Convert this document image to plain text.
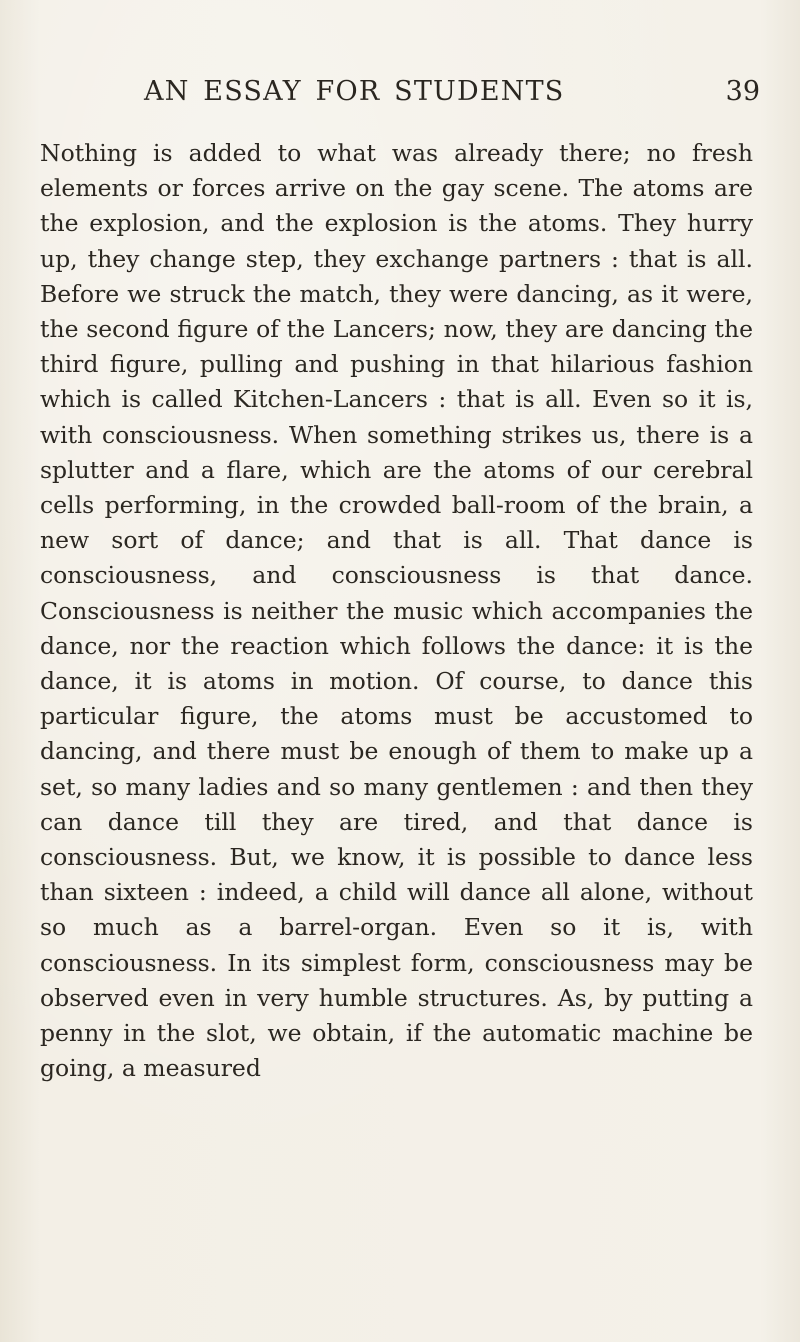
AN ESSAY FOR STUDENTS	39

Nothing is added to what was already there; no fresh elements or forces arrive on the gay scene. The atoms are the explosion, and the explosion is the atoms. They hurry up, they change step, they exchange partners : that is all. Before we struck the match, they were dancing, as it were, the second figure of the Lancers; now, they are dancing the third figure, pulling and pushing in that hilarious fashion which is called Kitchen-Lancers : that is all. Even so it is, with consciousness. When something strikes us, there is a splutter and a flare, which are the atoms of our cerebral cells performing, in the crowded ball-room of the brain, a new sort of dance; and that is all. That dance is consciousness, and consciousness is that dance. Consciousness is neither the music which accompanies the dance, nor the reaction which follows the dance: it is the dance, it is atoms in motion. Of course, to dance this particular figure, the atoms must be accustomed to dancing, and there must be enough of them to make up a set, so many ladies and so many gentlemen : and then they can dance till they are tired, and that dance is consciousness. But, we know, it is possible to dance less than sixteen : indeed, a child will dance all alone, without so much as a barrel-organ. Even so it is, with consciousness. In its simplest form, consciousness may be observed even in very humble structures. As, by putting a penny in the slot, we obtain, if the automatic machine be going, a measured
